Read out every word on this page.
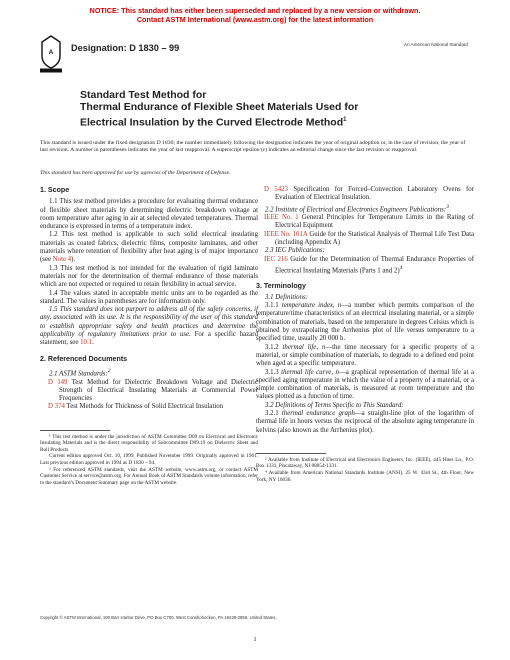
NOTICE: This standard has either been superseded and replaced by a new version or withdrawn.
Contact ASTM International (www.astm.org) for the latest information
A Designation: D 1830 – 99	An American National Standard
Standard Test Method for
Thermal Endurance of Flexible Sheet Materials Used for
Electrical Insulation by the Curved Electrode Method$^1$
This standard is issued under the fixed designation D 1830; the number immediately following the designation indicates the year of original adoption or, in the case of revision, the year of last revision. A number in parentheses indicates the year of last reapproval. A superscript epsilon (ε) indicates an editorial change since the last revision or reapproval.
This standard has been approved for use by agencies of the Department of Defense.

1. Scope

1.1 This test method provides a procedure for evaluating thermal endurance of flexible sheet materials by determining dielectric breakdown voltage at room temperature after aging in air at selected elevated temperatures. Thermal endurance is expressed in terms of a temperature index.

1.2 This test method is applicable to such solid electrical insulating materials as coated fabrics, dielectric films, composite laminates, and other materials where retention of flexibility after heat aging is of major importance (see Note 4).

1.3 This test method is not intended for the evaluation of rigid laminate materials nor for the determination of thermal endurance of those materials which are not expected or required to retain flexibility in actual service.

1.4 The values stated in acceptable metric units are to be regarded as the standard. The values in parentheses are for information only.

1.5 This standard does not purport to address all of the safety concerns, if any, associated with its use. It is the responsibility of the user of this standard to establish appropriate safety and health practices and determine the applicability of regulatory limitations prior to use. For a specific hazard statement, see 10.1.

2. Referenced Documents

2.1 ASTM Standards:$^2$

D 149 Test Method for Dielectric Breakdown Voltage and Dielectric Strength of Electrical Insulating Materials at Commercial Power Frequencies

D 374 Test Methods for Thickness of Solid Electrical Insulation

¹ This test method is under the jurisdiction of ASTM Committee D09 on Electrical and Electronic Insulating Materials and is the direct responsibility of Subcommittee D09.19 on Dielectric Sheet and Roll Products

Current edition approved Oct. 10, 1999. Published November 1999. Originally approved in 1961. Last previous edition approved in 1994 as D 1830 – 94.

² For referenced ASTM standards, visit the ASTM website, www.astm.org, or contact ASTM Customer Service at service@astm.org. For Annual Book of ASTM Standards volume information, refer to the standard’s Document Summary page on the ASTM website.

D 5423 Specification for Forced–Convection Laboratory Ovens for Evaluation of Electrical Insulation.

2.2 Institute of Electrical and Electronics Engineers Publications:$^3$

IEEE No. 1 General Principles for Temperature Limits in the Rating of Electrical Equipment

IEEE No. 101A Guide for the Statistical Analysis of Thermal Life Test Data (including Appendix A)

2.3 IEC Publications:

IEC 216 Guide for the Determination of Thermal Endurance Properties of Electrical Insulating Materials (Parts 1 and 2)$^4$

3. Terminology

3.1 Definitions:

3.1.1 temperature index, n—a number which permits comparison of the temperature/time characteristics of an electrical insulating material, or a simple combination of materials, based on the temperature in degrees Celsius which is obtained by extrapolating the Arrhenius plot of life versus temperature to a specified time, usually 20 000 h.

3.1.2 thermal life, n—the time necessary for a specific property of a material, or simple combination of materials, to degrade to a defined end point when aged at a specific temperature.

3.1.3 thermal life curve, n—a graphical representation of thermal life at a specified aging temperature in which the value of a property of a material, or a simple combination of materials, is measured at room temperature and the values plotted as a function of time.

3.2 Definitions of Terms Specific to This Standard:

3.2.1 thermal endurance graph—a straight-line plot of the logarithm of thermal life in hours versus the reciprocal of the absolute aging temperature in kelvins (also known as the Arrhenius plot).

³ Available from Institute of Electrical and Electronics Engineers, Inc. (IEEE), 445 Hoes Ln., P.O. Box 1331, Piscataway, NJ 08854-1331.

⁴ Available from American National Standards Institute (ANSI), 25 W. 43rd St., 4th Floor, New York, NY 10036.

Copyright © ASTM International, 100 Barr Harbor Drive, PO Box C700, West Conshohocken, PA 19428-2959, United States.
1
